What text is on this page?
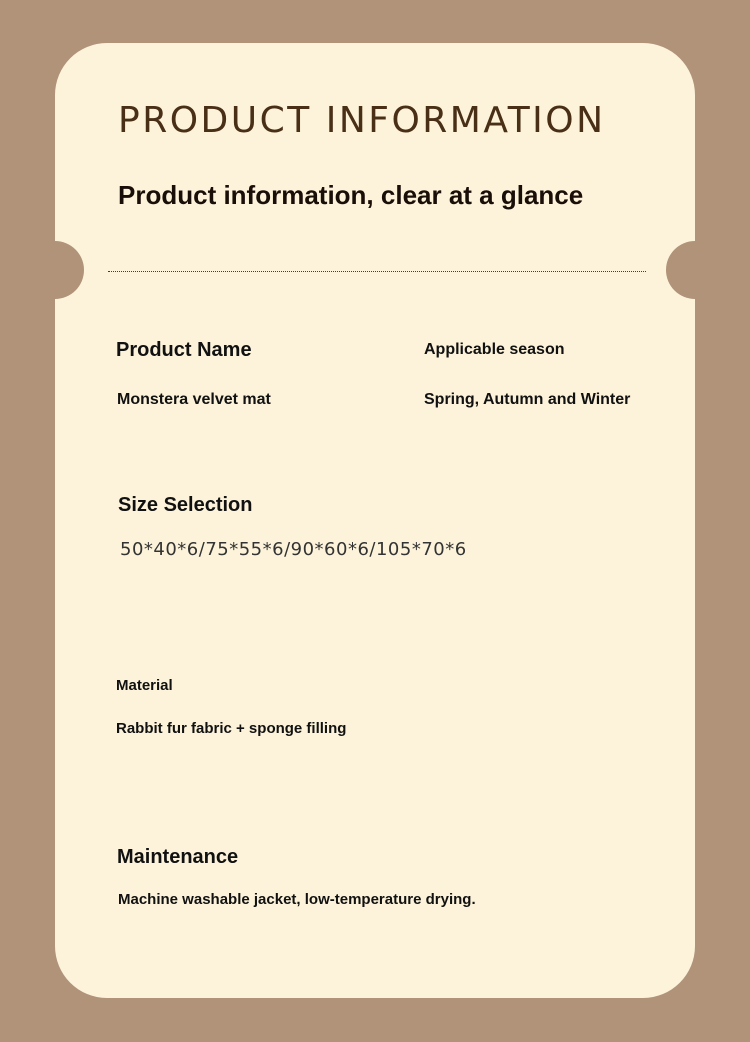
PRODUCT INFORMATION
Product information, clear at a glance
Product Name
Monstera velvet mat
Applicable season
Spring, Autumn and Winter
Size Selection
50*40*6/75*55*6/90*60*6/105*70*6
Material
Rabbit fur fabric + sponge filling
Maintenance
Machine washable jacket, low-temperature drying.
